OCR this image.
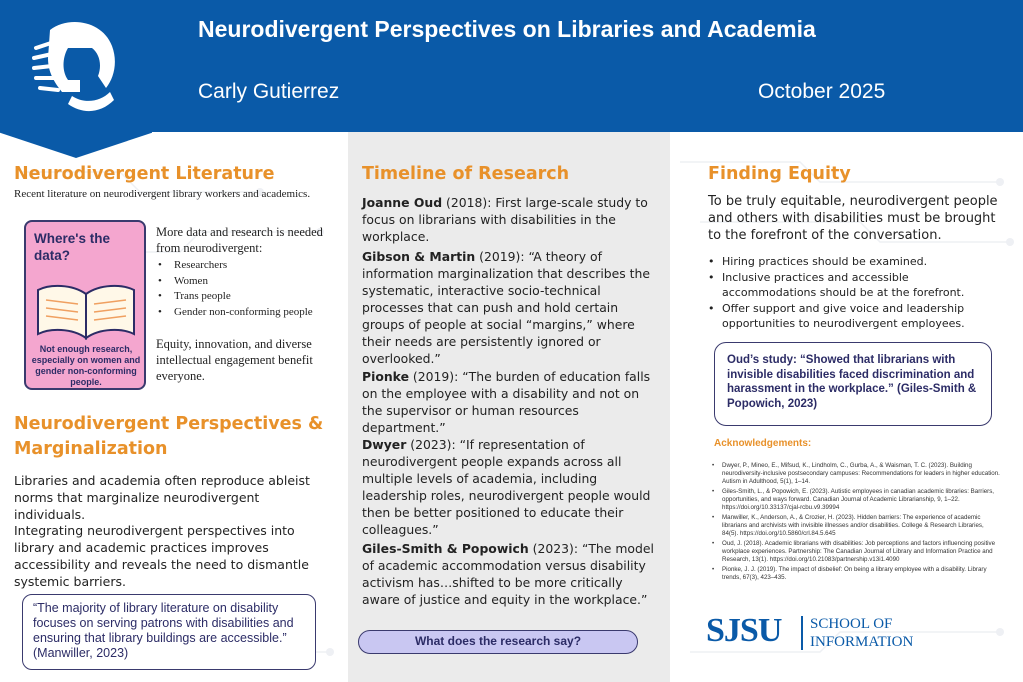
Neurodivergent Perspectives on Libraries and Academia
Carly Gutierrez	October 2025
Neurodivergent Literature
Recent literature on neurodivergent library workers and academics.
Where's the data?
Not enough research, especially on women and gender non-conforming people.
More data and research is needed from neurodivergent:
• Researchers
• Women
• Trans people
• Gender non-conforming people
Equity, innovation, and diverse intellectual engagement benefit everyone.
Neurodivergent Perspectives & Marginalization
Libraries and academia often reproduce ableist norms that marginalize neurodivergent individuals.
Integrating neurodivergent perspectives into library and academic practices improves accessibility and reveals the need to dismantle systemic barriers.
“The majority of library literature on disability focuses on serving patrons with disabilities and ensuring that library buildings are accessible.” (Manwiller, 2023)
Timeline of Research
Joanne Oud (2018): First large-scale study to focus on librarians with disabilities in the workplace.
Gibson & Martin (2019): “A theory of information marginalization that describes the systematic, interactive socio-technical processes that can push and hold certain groups of people at social “margins,” where their needs are persistently ignored or overlooked.”
Pionke (2019): “The burden of education falls on the employee with a disability and not on the supervisor or human resources department.”
Dwyer (2023): “If representation of neurodivergent people expands across all multiple levels of academia, including leadership roles, neurodivergent people would then be better positioned to educate their colleagues.”
Giles-Smith & Popowich (2023): “The model of academic accommodation versus disability activism has…shifted to be more critically aware of justice and equity in the workplace.”
What does the research say?
Finding Equity
To be truly equitable, neurodivergent people and others with disabilities must be brought to the forefront of the conversation.
• Hiring practices should be examined.
• Inclusive practices and accessible accommodations should be at the forefront.
• Offer support and give voice and leadership opportunities to neurodivergent employees.
Oud’s study: “Showed that librarians with invisible disabilities faced discrimination and harassment in the workplace.” (Giles-Smith & Popowich, 2023)
Acknowledgements:
• Dwyer, P., Mineo, E., Mifsud, K., Lindholm, C., Gurba, A., & Waisman, T. C. (2023). Building neurodiversity-inclusive postsecondary campuses: Recommendations for leaders in higher education. Autism in Adulthood, 5(1), 1–14.
• Giles-Smith, L., & Popowich, E. (2023). Autistic employees in canadian academic libraries: Barriers, opportunities, and ways forward. Canadian Journal of Academic Librarianship, 9, 1–22. https://doi.org/10.33137/cjal-rcbu.v9.39994
• Manwiller, K., Anderson, A., & Crozier, H. (2023). Hidden barriers: The experience of academic librarians and archivists with invisible illnesses and/or disabilities. College & Research Libraries, 84(5). https://doi.org/10.5860/crl.84.5.645
• Oud, J. (2018). Academic librarians with disabilities: Job perceptions and factors influencing positive workplace experiences. Partnership: The Canadian Journal of Library and Information Practice and Research, 13(1). https://doi.org/10.21083/partnership.v13i1.4090
• Pionke, J. J. (2019). The impact of disbelief: On being a library employee with a disability. Library trends, 67(3), 423–435.
SJSU SCHOOL OF
INFORMATION
